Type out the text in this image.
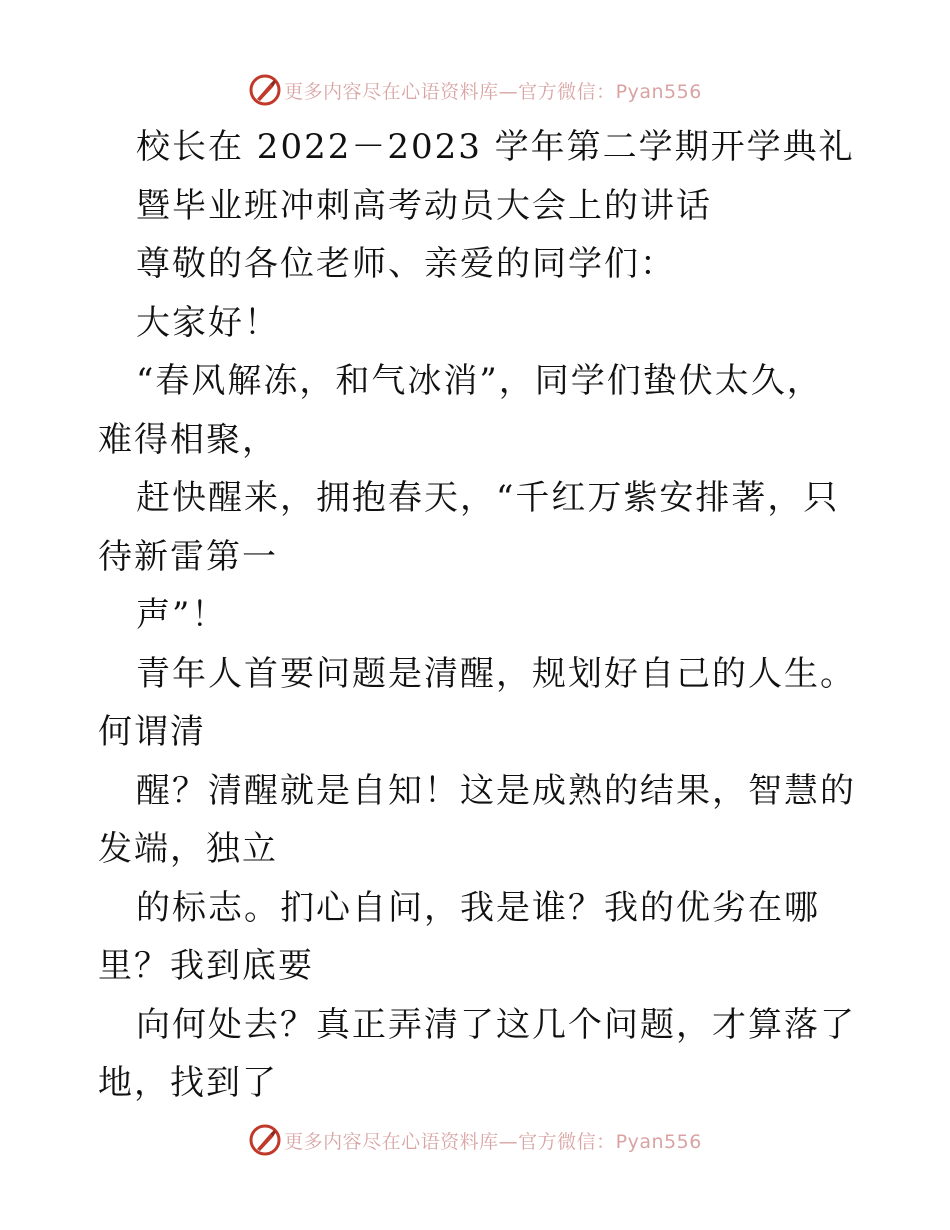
更多内容尽在心语资料库—官方微信：Pyan556

校长在 2022－2023 学年第二学期开学典礼

暨毕业班冲刺高考动员大会上的讲话

尊敬的各位老师、亲爱的同学们：

大家好！

“春风解冻，和气冰消”，同学们蛰伏太久，难得相聚，

赶快醒来，拥抱春天，“千红万紫安排著，只待新雷第一

声”！

青年人首要问题是清醒，规划好自己的人生。何谓清

醒？清醒就是自知！这是成熟的结果，智慧的发端，独立

的标志。扪心自问，我是谁？我的优劣在哪里？我到底要

向何处去？真正弄清了这几个问题，才算落了地，找到了

更多内容尽在心语资料库—官方微信：Pyan556
